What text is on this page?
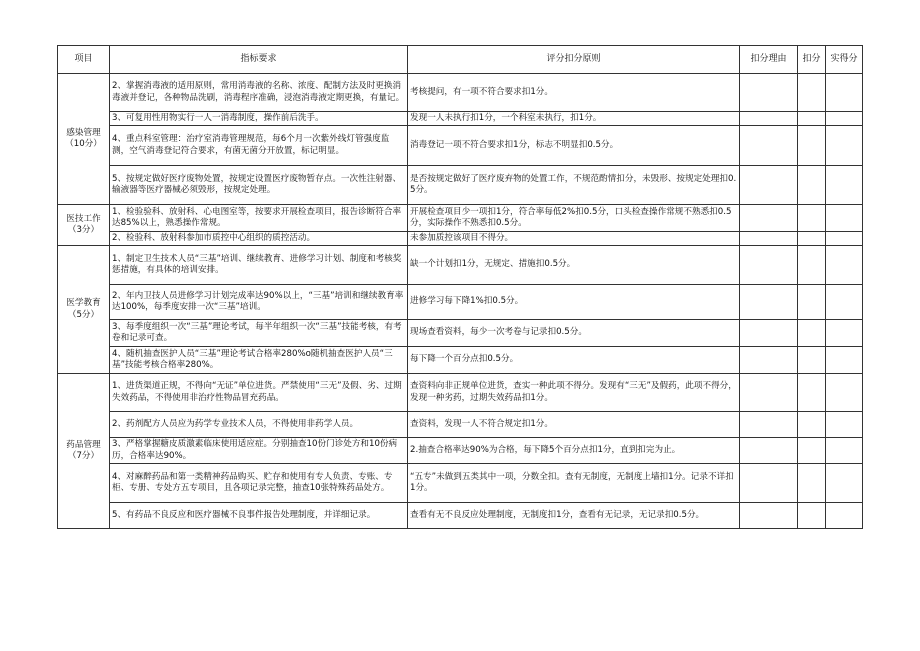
项目	指标要求	评分扣分原则	扣分理由	扣分	实得分

感染管理
（10分）	2、掌握消毒液的适用原则，常用消毒液的名称、浓度、配制方法及时更换消毒液并登记，各种物品洗刷，消毒程序准确，浸泡消毒液定期更换，有量记。	考核提问，有一项不符合要求扣1分。			
	3、可复用性用物实行一人一消毒制度，操作前后洗手。	发现一人未执行扣1分，一个科室未执行，扣1分。			
	4、重点科室管理：治疗室消毒管理规范，每6个月一次紫外线灯管强度监测，空气消毒登记符合要求，有菌无菌分开放置，标记明显。	消毒登记一项不符合要求扣1分，标志不明显扣0.5分。			
	5、按规定做好医疗废物处置，按规定设置医疗废物暂存点。一次性注射器、输液器等医疗器械必须毁形，按规定处理。	是否按规定做好了医疗废弃物的处置工作，不规范酌情扣分，未毁形、按规定处理扣0.5分。			

医技工作
（3分）	1、检验验科、放射科、心电图室等，按要求开展检查项目，报告诊断符合率达85%以上，熟悉操作常规。	开展检查项目少一项扣1分，符合率每低2%扣0.5分，口头检查操作常规不熟悉扣0.5分，实际操作不熟悉扣0.5分。			
	2、检验科、放射科参加市质控中心组织的质控活动。	未参加质控该项目不得分。			

医学教育
（5分）	1、制定卫生技术人员“三基”培训、继续教育、进修学习计划、制度和考核奖惩措施，有具体的培训安排。	缺一个计划扣1分，无规定、措施扣0.5分。			
	2、年内卫技人员进修学习计划完成率达90%以上，“三基”培训和继续教育率达100%，每季度安排一次“三基”培训。	进修学习每下降1%扣0.5分。			
	3、每季度组织一次“三基”理论考试，每半年组织一次“三基”技能考核，有考卷和记录可查。	现场查看资料，每少一次考卷与记录扣0.5分。			
	4、随机抽查医护人员“三基”理论考试合格率280%o随机抽查医护人员“三基”技能考核合格率280%。	每下降一个百分点扣0.5分。			

药品管理
（7分）	1、进货渠道正规，不得向“无证”单位进货。严禁使用“三无”及假、劣、过期失效药品，不得使用非治疗性物品冒充药品。	查资料向非正规单位进货，查实一种此项不得分。发现有“三无”及假药，此项不得分，发现一种劣药，过期失效药品扣1分。			
	2、药剂配方人员应为药学专业技术人员，不得使用非药学人员。	查资料，发现一人不符合规定扣1分。			
	3、严格掌握糖皮质激素临床使用适应症。分别抽查10份门诊处方和10份病历，合格率达90%。	2.抽查合格率达90%为合格，每下降5个百分点扣1分，直到扣完为止。			
	4、对麻醉药品和第一类精神药品购买、贮存和使用有专人负责、专账、专柜、专册、专处方五专项目，且各项记录完整，抽查10张特殊药品处方。	“五专”未做到五类其中一项，分数全扣。查有无制度，无制度上墙扣1分。记录不详扣1分。			
	5、有药品不良反应和医疗器械不良事件报告处理制度，并详细记录。	查看有无不良反应处理制度，无制度扣1分，查看有无记录，无记录扣0.5分。			
